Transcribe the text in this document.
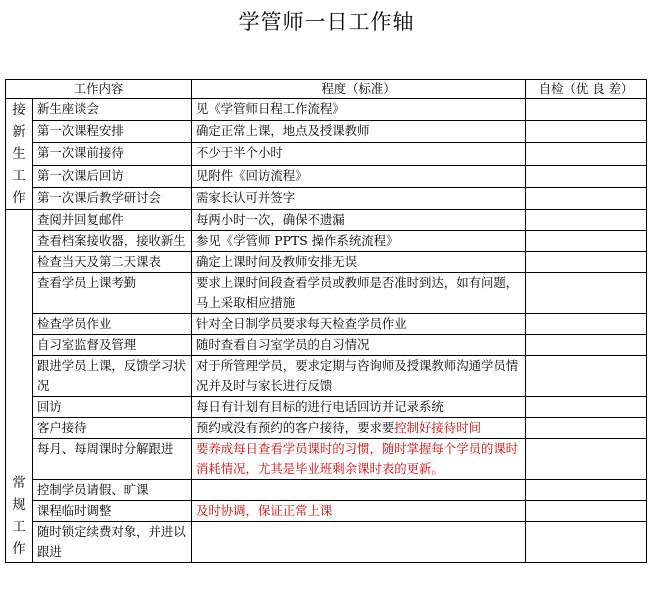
学管师一日工作轴
工作内容		程度（标准）	自检（优 良 差）

接
新
生
工
作	新生座谈会	见《学管师日程工作流程》	
	第一次课程安排	确定正常上课，地点及授课教师	
	第一次课前接待	不少于半个小时	
	第一次课后回访	见附件《回访流程》	
	第一次课后教学研讨会	需家长认可并签字	

常
规
工
作	查阅并回复邮件	每两小时一次，确保不遗漏	
	查看档案接收器，接收新生	参见《学管师 PPTS 操作系统流程》	
	检查当天及第二天课表	确定上课时间及教师安排无误	
	查看学员上课考勤	要求上课时间段查看学员或教师是否准时到达，如有问题，马上采取相应措施	
	检查学员作业	针对全日制学员要求每天检查学员作业	
	自习室监督及管理	随时查看自习室学员的自习情况	
	跟进学员上课，反馈学习状况	对于所管理学员，要求定期与咨询师及授课教师沟通学员情况并及时与家长进行反馈	
	回访	每日有计划有目标的进行电话回访并记录系统	
	客户接待	预约或没有预约的客户接待，要求要控制好接待时间	
	每月、每周课时分解跟进	要养成每日查看学员课时的习惯，随时掌握每个学员的课时消耗情况，尤其是毕业班剩余课时表的更新。	
	控制学员请假、旷课		
	课程临时调整	及时协调，保证正常上课	
	随时锁定续费对象，并进以跟进		
